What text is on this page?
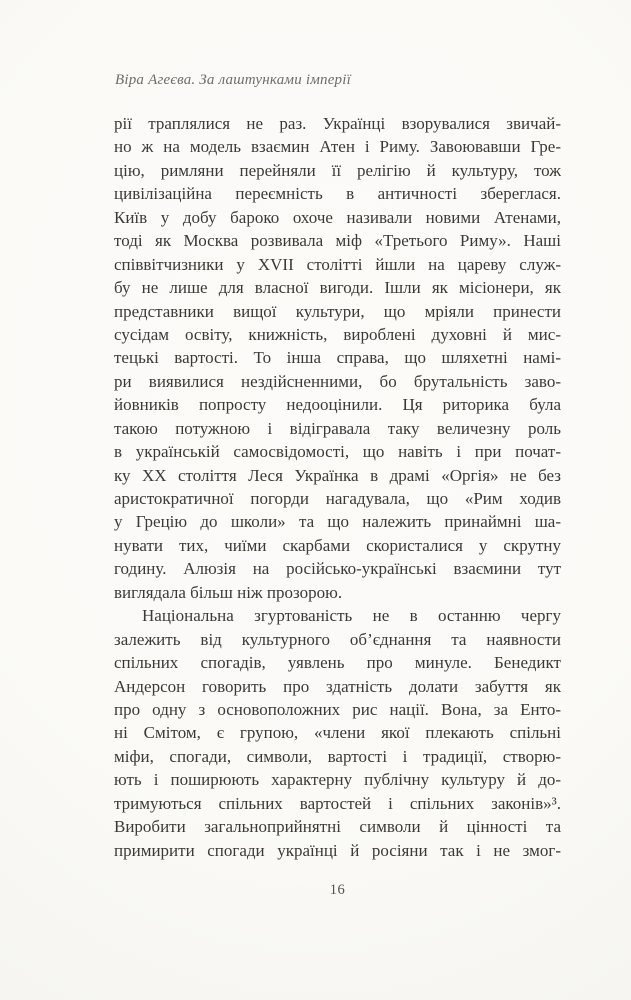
Віра Агеєва. За лаштунками імперії
рії траплялися не раз. Українці взорувалися звичай-
но ж на модель взаємин Атен і Риму. Завоювавши Гре-
цію, римляни перейняли її релігію й культуру, тож
цивілізаційна переємність в античності збереглася.
Київ у добу бароко охоче називали новими Атенами,
тоді як Москва розвивала міф «Третього Риму». Наші
співвітчизники у XVII столітті йшли на цареву служ-
бу не лише для власної вигоди. Ішли як місіонери, як
представники вищої культури, що мріяли принести
сусідам освіту, книжність, вироблені духовні й мис-
тецькі вартості. То інша справа, що шляхетні намі-
ри виявилися нездійсненними, бо брутальність заво-
йовників попросту недооцінили. Ця риторика була
такою потужною і відігравала таку величезну роль
в українській самосвідомості, що навіть і при почат-
ку XX століття Леся Українка в драмі «Оргія» не без
аристократичної погорди нагадувала, що «Рим ходив
у Грецію до школи» та що належить принаймні ша-
нувати тих, чиїми скарбами скористалися у скрутну
годину. Алюзія на російсько-українські взаємини тут
виглядала більш ніж прозорою.
Національна згуртованість не в останню чергу
залежить від культурного об’єднання та наявности
спільних спогадів, уявлень про минуле. Бенедикт
Андерсон говорить про здатність долати забуття як
про одну з основоположних рис нації. Вона, за Енто-
ні Смітом, є групою, «члени якої плекають спільні
міфи, спогади, символи, вартості і традиції, створю-
ють і поширюють характерну публічну культуру й до-
тримуються спільних вартостей і спільних законів»³.
Виробити загальноприйнятні символи й цінності та
примирити спогади українці й росіяни так і не змог-
16
